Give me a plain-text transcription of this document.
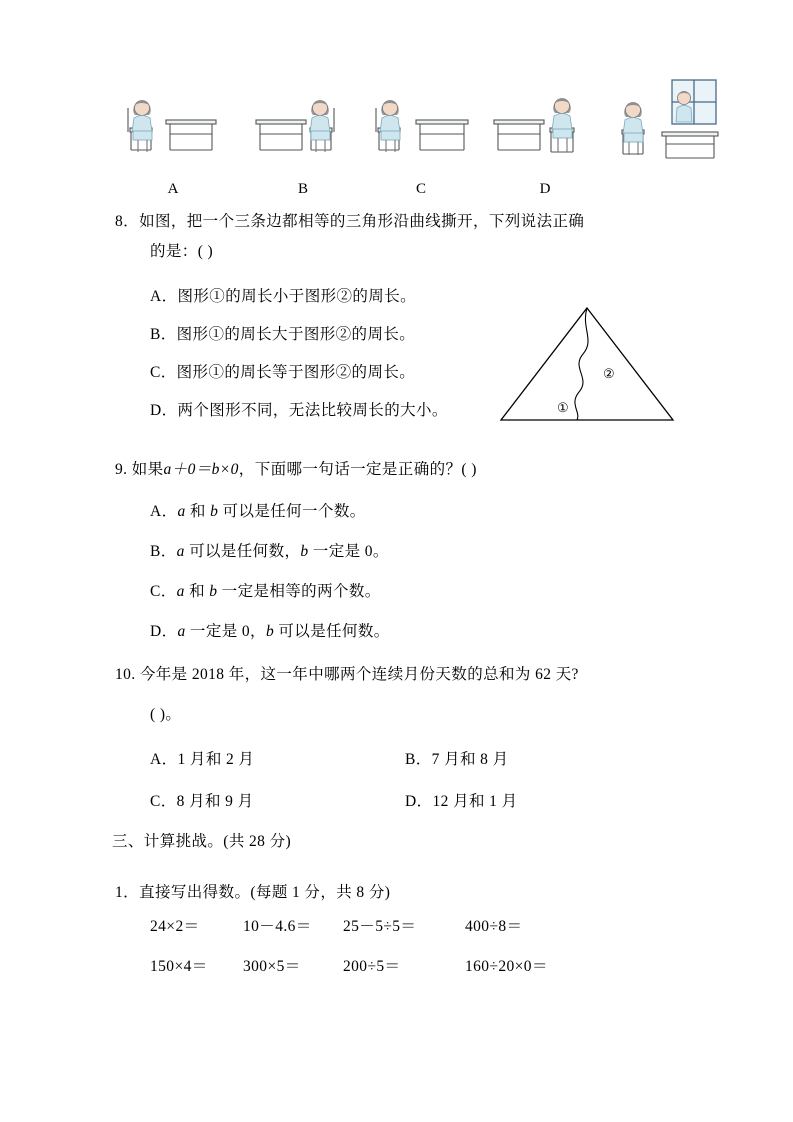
A	B	C	D
8．如图，把一个三条边都相等的三角形沿曲线撕开，下列说法正确
的是：( )
A．图形①的周长小于图形②的周长。
B．图形①的周长大于图形②的周长。
C．图形①的周长等于图形②的周长。
D．两个图形不同，无法比较周长的大小。	①
②
9. 如果a＋0＝b×0，下面哪一句话一定是正确的？( )
A．a 和 b 可以是任何一个数。
B．a 可以是任何数，b 一定是 0。
C．a 和 b 一定是相等的两个数。
D．a 一定是 0，b 可以是任何数。
10. 今年是 2018 年，这一年中哪两个连续月份天数的总和为 62 天?
( )。
A．1 月和 2 月	B．7 月和 8 月
C．8 月和 9 月	D．12 月和 1 月
三、计算挑战。(共 28 分)
1．直接写出得数。(每题 1 分，共 8 分)
24×2＝	10－4.6＝ 25－5÷5＝	400÷8＝
150×4＝ 300×5＝	200÷5＝	160÷20×0＝
